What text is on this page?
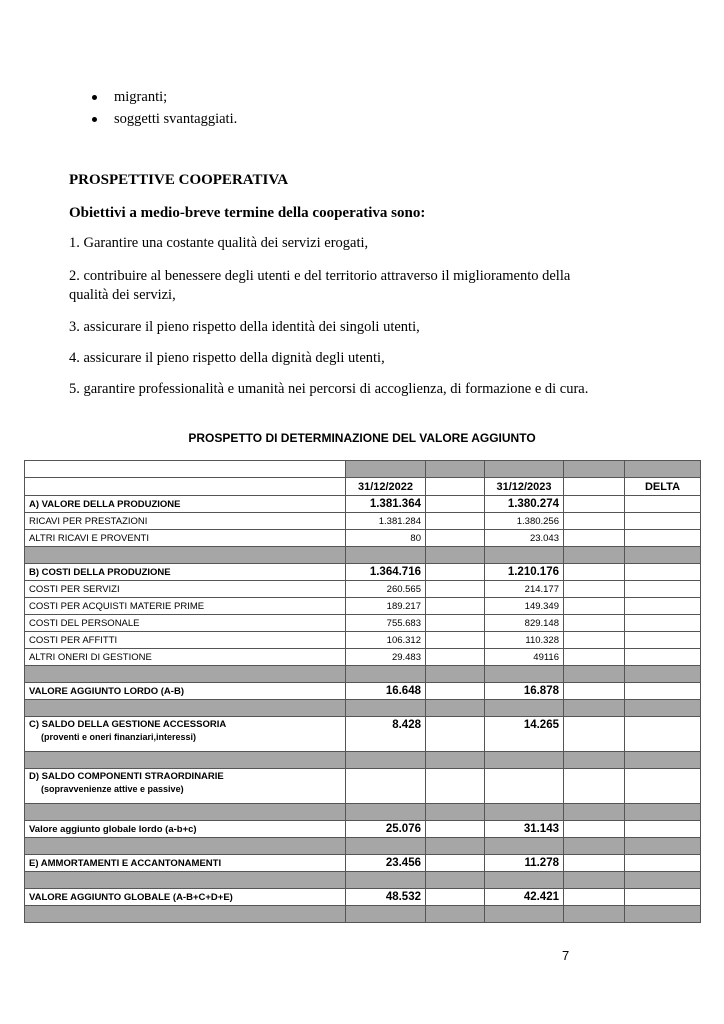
migranti;
soggetti svantaggiati.
PROSPETTIVE COOPERATIVA
Obiettivi a medio-breve termine della cooperativa sono:
1. Garantire una costante qualità dei servizi erogati,
2. contribuire al benessere degli utenti e del territorio attraverso il miglioramento della qualità dei servizi,
3. assicurare il pieno rispetto della identità dei singoli utenti,
4. assicurare il pieno rispetto della dignità degli utenti,
5. garantire professionalità e umanità nei percorsi di accoglienza, di formazione e di cura.
PROSPETTO DI DETERMINAZIONE DEL VALORE AGGIUNTO

	31/12/2022		31/12/2023		DELTA
A) VALORE DELLA PRODUZIONE	1.381.364		1.380.274		
RICAVI PER PRESTAZIONI	1.381.284		1.380.256		
ALTRI RICAVI E PROVENTI	80		23.043		

B) COSTI DELLA PRODUZIONE	1.364.716		1.210.176		
COSTI PER SERVIZI	260.565		214.177		
COSTI PER ACQUISTI MATERIE PRIME	189.217		149.349		
COSTI DEL PERSONALE	755.683		829.148		
COSTI PER AFFITTI	106.312		110.328		
ALTRI ONERI DI GESTIONE	29.483		49116		

VALORE AGGIUNTO LORDO (A-B)	16.648		16.878		

C) SALDO DELLA GESTIONE ACCESSORIA
(proventi e oneri finanziari,interessi)	8.428		14.265		

D) SALDO COMPONENTI STRAORDINARIE
(sopravvenienze attive e passive)					

Valore aggiunto globale lordo (a-b+c)	25.076		31.143		

E) AMMORTAMENTI E ACCANTONAMENTI	23.456		11.278		

VALORE AGGIUNTO GLOBALE (A-B+C+D+E)	48.532		42.421		

7
